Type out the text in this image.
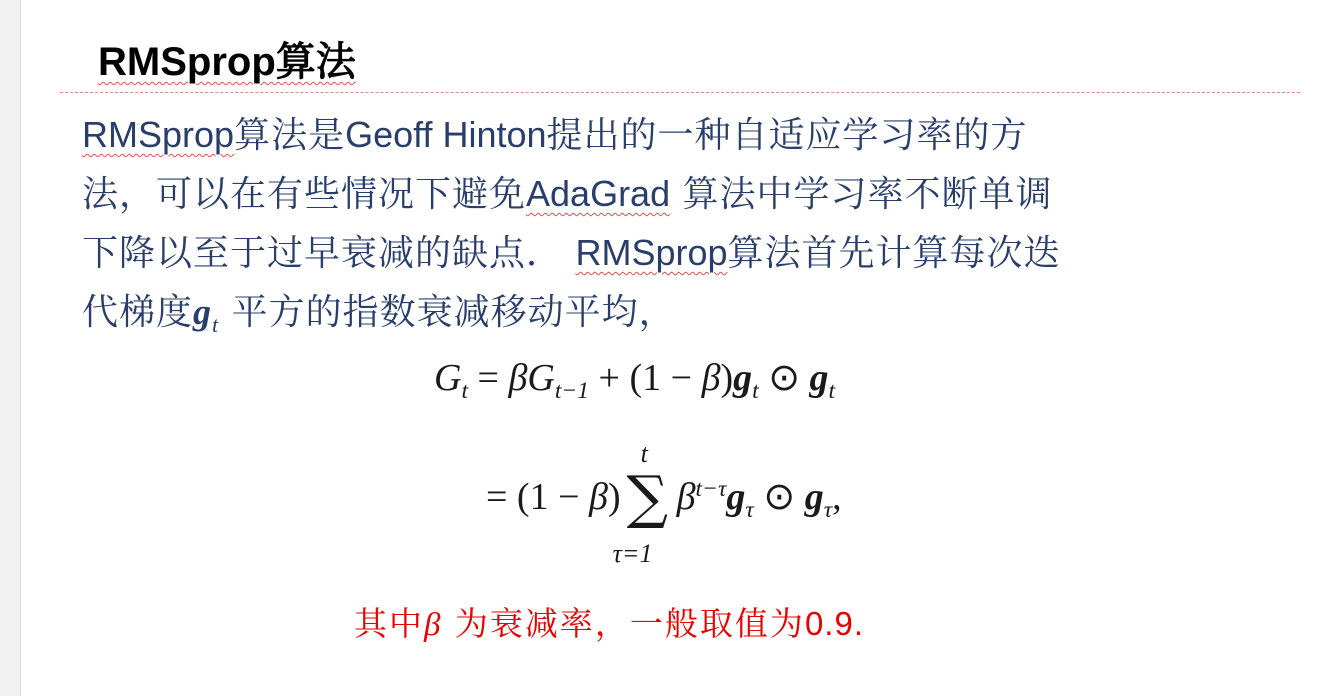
RMSprop算法

RMSprop算法是Geoff Hinton提出的一种自适应学习率的方
法，可以在有些情况下避免AdaGrad 算法中学习率不断单调
下降以至于过早衰减的缺点． RMSprop算法首先计算每次迭
代梯度$g_t$ 平方的指数衰减移动平均，

$G_t = \beta G_{t-1} + (1 - \beta)g_t$ ⊙ $g_t$
= (1 − β)
t
∑
τ=1
$\beta^{t-\tau}g_\tau$ ⊙ $g_\tau$,

其中β 为衰减率，一般取值为0.9.
